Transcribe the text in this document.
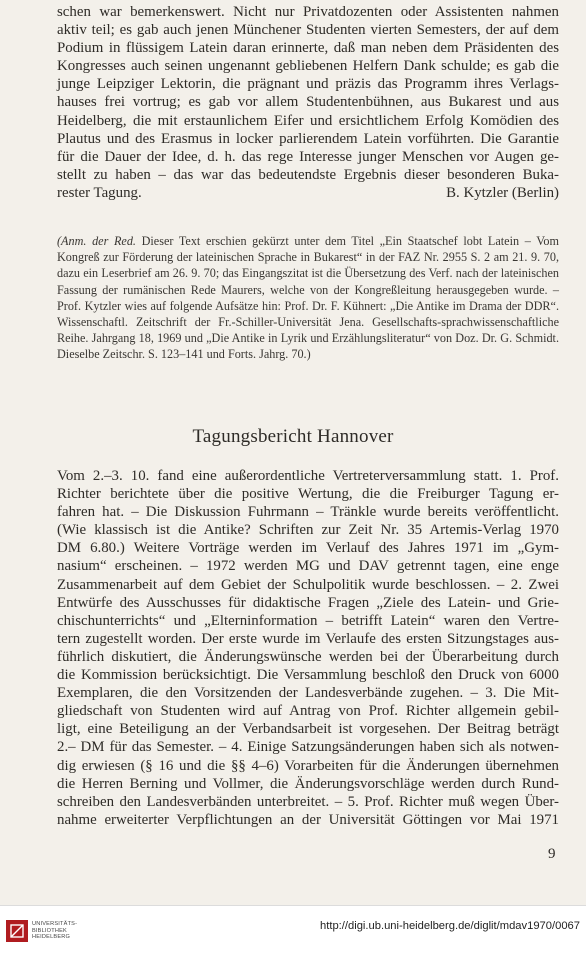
schen war bemerkenswert. Nicht nur Privatdozenten oder Assistenten nahmen
aktiv teil; es gab auch jenen Münchener Studenten vierten Semesters, der auf dem
Podium in flüssigem Latein daran erinnerte, daß man neben dem Präsidenten des
Kongresses auch seinen ungenannt gebliebenen Helfern Dank schulde; es gab die
junge Leipziger Lektorin, die prägnant und präzis das Programm ihres Verlags-
hauses frei vortrug; es gab vor allem Studentenbühnen, aus Bukarest und aus
Heidelberg, die mit erstaunlichem Eifer und ersichtlichem Erfolg Komödien des
Plautus und des Erasmus in locker parlierendem Latein vorführten. Die Garantie
für die Dauer der Idee, d. h. das rege Interesse junger Menschen vor Augen ge-
stellt zu haben – das war das bedeutendste Ergebnis dieser besonderen Buka-

rester Tagung.	B. Kytzler (Berlin)
(Anm. der Red. Dieser Text erschien gekürzt unter dem Titel „Ein Staatschef lobt Latein – Vom Kongreß zur Förderung der lateinischen Sprache in Bukarest“ in der FAZ Nr. 2955 S. 2 am 21. 9. 70, dazu ein Leserbrief am 26. 9. 70; das Eingangszitat ist die Übersetzung des Verf. nach der lateinischen Fassung der rumänischen Rede Maurers, welche von der Kongreßleitung herausgegeben wurde. – Prof. Kytzler wies auf folgende Aufsätze hin: Prof. Dr. F. Kühnert: „Die Antike im Drama der DDR“. Wissenschaftl. Zeitschrift der Fr.-Schiller-Universität Jena. Gesellschafts-sprachwissenschaftliche Reihe. Jahrgang 18, 1969 und „Die Antike in Lyrik und Erzählungsliteratur“ von Doz. Dr. G. Schmidt. Dieselbe Zeitschr. S. 123–141 und Forts. Jahrg. 70.)
Tagungsbericht Hannover

Vom 2.–3. 10. fand eine außerordentliche Vertreterversammlung statt. 1. Prof.
Richter berichtete über die positive Wertung, die die Freiburger Tagung er-
fahren hat. – Die Diskussion Fuhrmann – Tränkle wurde bereits veröffentlicht.
(Wie klassisch ist die Antike? Schriften zur Zeit Nr. 35 Artemis-Verlag 1970
DM 6.80.) Weitere Vorträge werden im Verlauf des Jahres 1971 im „Gym-
nasium“ erscheinen. – 1972 werden MG und DAV getrennt tagen, eine enge
Zusammenarbeit auf dem Gebiet der Schulpolitik wurde beschlossen. – 2. Zwei
Entwürfe des Ausschusses für didaktische Fragen „Ziele des Latein- und Grie-
chischunterrichts“ und „Elterninformation – betrifft Latein“ waren den Vertre-
tern zugestellt worden. Der erste wurde im Verlaufe des ersten Sitzungstages aus-
führlich diskutiert, die Änderungswünsche werden bei der Überarbeitung durch
die Kommission berücksichtigt. Die Versammlung beschloß den Druck von 6000
Exemplaren, die den Vorsitzenden der Landesverbände zugehen. – 3. Die Mit-
gliedschaft von Studenten wird auf Antrag von Prof. Richter allgemein gebil-
ligt, eine Beteiligung an der Verbandsarbeit ist vorgesehen. Der Beitrag beträgt
2.– DM für das Semester. – 4. Einige Satzungsänderungen haben sich als notwen-
dig erwiesen (§ 16 und die §§ 4–6) Vorarbeiten für die Änderungen übernehmen
die Herren Berning und Vollmer, die Änderungsvorschläge werden durch Rund-
schreiben den Landesverbänden unterbreitet. – 5. Prof. Richter muß wegen Über-
nahme erweiterter Verpflichtungen an der Universität Göttingen vor Mai 1971

9
UNIVERSITÄTS-
BIBLIOTHEK
HEIDELBERG
http://digi.ub.uni-heidelberg.de/diglit/mdav1970/0067
